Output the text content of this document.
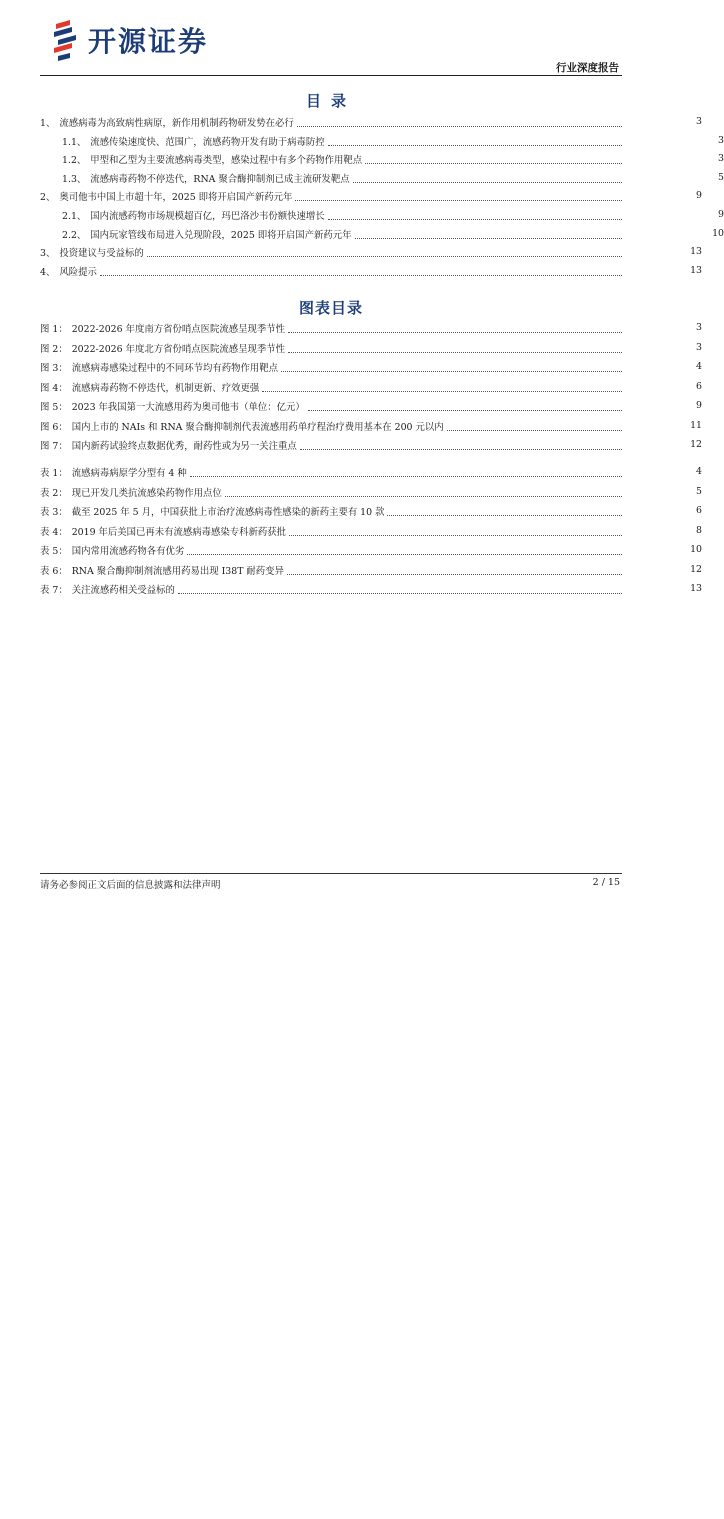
开源证券
行业深度报告
目录
1、 流感病毒为高致病性病原，新作用机制药物研发势在必行	3
1.1、 流感传染速度快、范围广，流感药物开发有助于病毒防控	3
1.2、 甲型和乙型为主要流感病毒类型，感染过程中有多个药物作用靶点	3
1.3、 流感病毒药物不停迭代，RNA 聚合酶抑制剂已成主流研发靶点	5
2、 奥司他韦中国上市超十年，2025 即将开启国产新药元年	9
2.1、 国内流感药物市场规模超百亿，玛巴洛沙韦份额快速增长	9
2.2、 国内玩家管线布局进入兑现阶段，2025 即将开启国产新药元年	10
3、 投资建议与受益标的	13
4、 风险提示	13
图表目录
图 1： 2022-2026 年度南方省份哨点医院流感呈现季节性	3
图 2： 2022-2026 年度北方省份哨点医院流感呈现季节性	3
图 3： 流感病毒感染过程中的不同环节均有药物作用靶点	4
图 4： 流感病毒药物不停迭代，机制更新、疗效更强	6
图 5： 2023 年我国第一大流感用药为奥司他韦（单位：亿元）	9
图 6： 国内上市的 NAIs 和 RNA 聚合酶抑制剂代表流感用药单疗程治疗费用基本在 200 元以内	11
图 7： 国内新药试验终点数据优秀，耐药性或为另一关注重点	12
表 1： 流感病毒病原学分型有 4 种	4
表 2： 现已开发几类抗流感染药物作用点位	5
表 3： 截至 2025 年 5 月，中国获批上市治疗流感病毒性感染的新药主要有 10 款	6
表 4： 2019 年后美国已再未有流感病毒感染专科新药获批	8
表 5： 国内常用流感药物各有优劣	10
表 6： RNA 聚合酶抑制剂流感用药易出现 I38T 耐药变异	12
表 7： 关注流感药相关受益标的	13
请务必参阅正文后面的信息披露和法律声明	2 / 15
